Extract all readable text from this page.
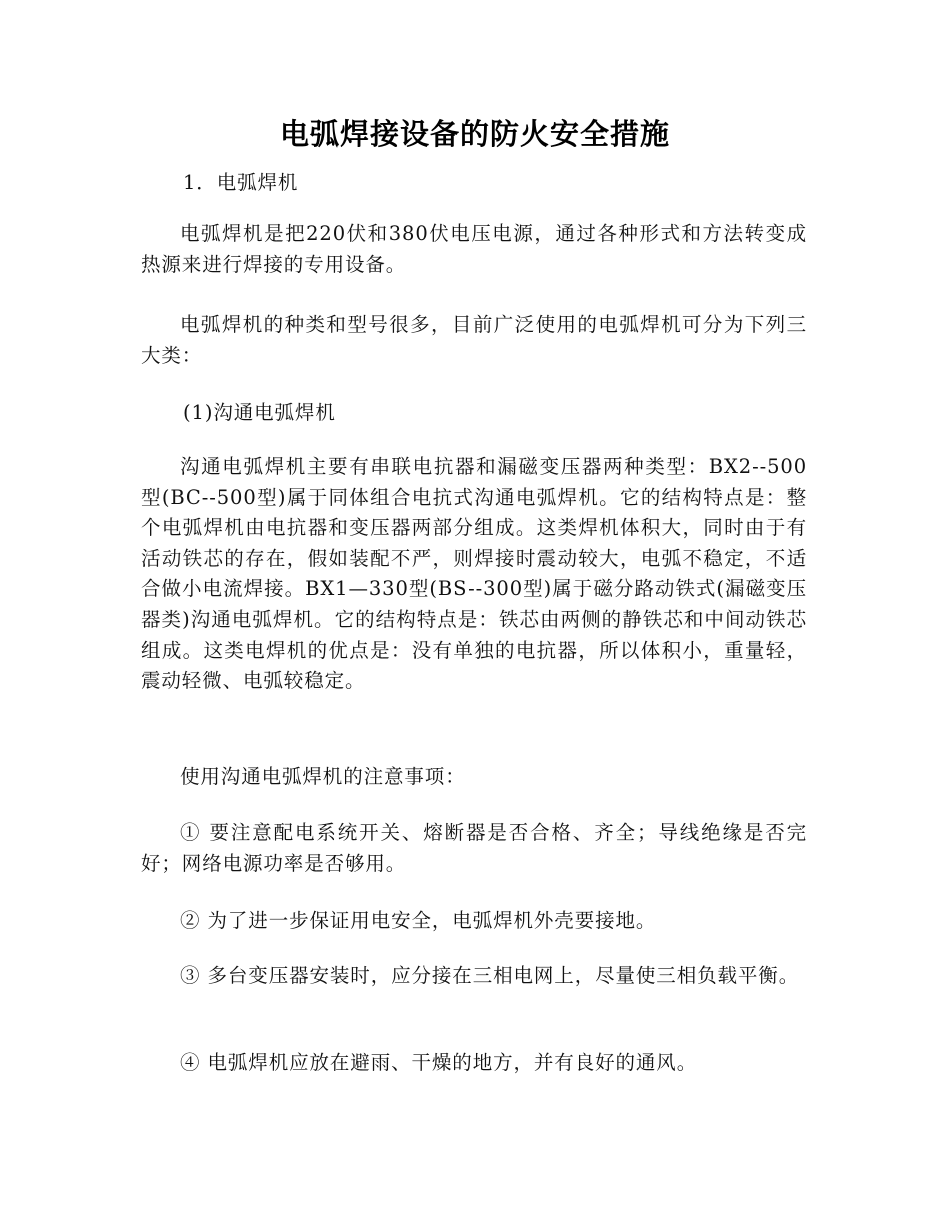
电弧焊接设备的防火安全措施

1．电弧焊机

电弧焊机是把220伏和380伏电压电源，通过各种形式和方法转变成热源来进行焊接的专用设备。

电弧焊机的种类和型号很多，目前广泛使用的电弧焊机可分为下列三大类：

(1)沟通电弧焊机

沟通电弧焊机主要有串联电抗器和漏磁变压器两种类型：BX2--500型(BC--500型)属于同体组合电抗式沟通电弧焊机。它的结构特点是：整个电弧焊机由电抗器和变压器两部分组成。这类焊机体积大，同时由于有活动铁芯的存在，假如装配不严，则焊接时震动较大，电弧不稳定，不适合做小电流焊接。BX1—330型(BS--300型)属于磁分路动铁式(漏磁变压器类)沟通电弧焊机。它的结构特点是：铁芯由两侧的静铁芯和中间动铁芯组成。这类电焊机的优点是：没有单独的电抗器，所以体积小，重量轻，震动轻微、电弧较稳定。

使用沟通电弧焊机的注意事项：

① 要注意配电系统开关、熔断器是否合格、齐全；导线绝缘是否完好；网络电源功率是否够用。

② 为了进一步保证用电安全，电弧焊机外壳要接地。

③ 多台变压器安装时，应分接在三相电网上，尽量使三相负载平衡。

④ 电弧焊机应放在避雨、干燥的地方，并有良好的通风。
